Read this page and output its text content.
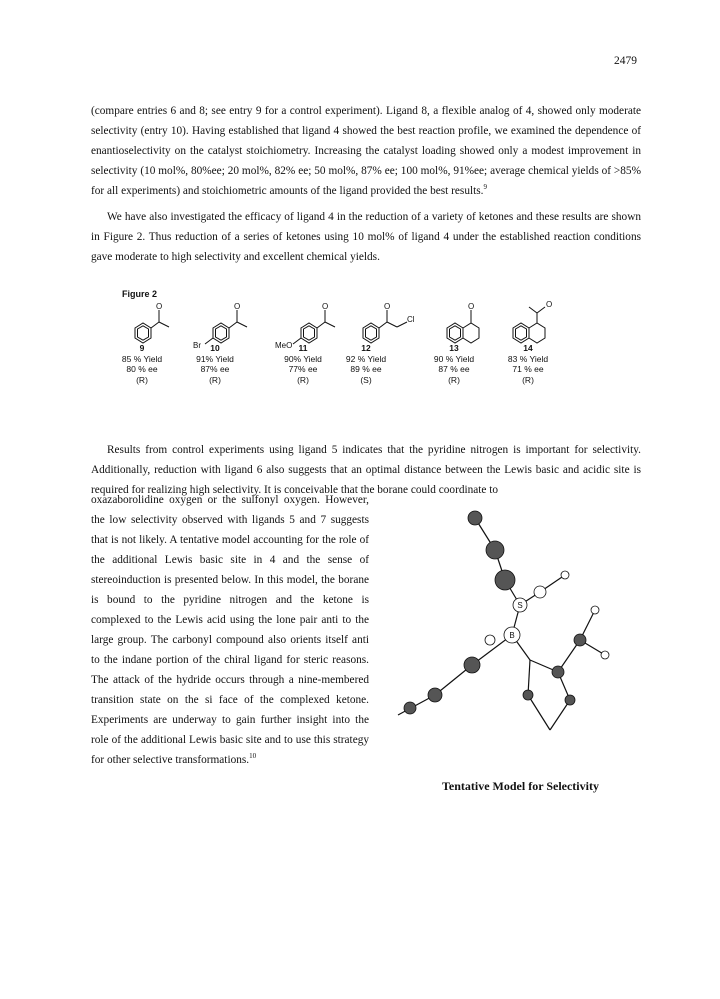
2479

(compare entries 6 and 8; see entry 9 for a control experiment). Ligand 8, a flexible analog of 4, showed only moderate selectivity (entry 10). Having established that ligand 4 showed the best reaction profile, we examined the dependence of enantioselectivity on the catalyst stoichiometry. Increasing the catalyst loading showed only a modest improvement in selectivity (10 mol%, 80%ee; 20 mol%, 82% ee; 50 mol%, 87% ee; 100 mol%, 91%ee; average chemical yields of >85% for all experiments) and stoichiometric amounts of the ligand provided the best results.$^9$

We have also investigated the efficacy of ligand 4 in the reduction of a variety of ketones and these results are shown in Figure 2. Thus reduction of a series of ketones using 10 mol% of ligand 4 under the established reaction conditions gave moderate to high selectivity and excellent chemical yields.

Figure 2
O	O
Br
O
MeO
O
Cl
O	O
9
85 % Yield
80 % ee
(R)
10
91% Yield
87% ee
(R)
11
90% Yield
77% ee
(R)
12
92 % Yield
89 % ee
(S)
13
90 % Yield
87 % ee
(R)
14
83 % Yield
71 % ee
(R)

Results from control experiments using ligand 5 indicates that the pyridine nitrogen is important for selectivity. Additionally, reduction with ligand 6 also suggests that an optimal distance between the Lewis basic and acidic site is required for realizing high selectivity. It is conceivable that the borane could coordinate to

oxazaborolidine oxygen or the sulfonyl oxygen. However, the low selectivity observed with ligands 5 and 7 suggests that is not likely. A tentative model accounting for the role of the additional Lewis basic site in 4 and the sense of stereoinduction is presented below. In this model, the borane is bound to the pyridine nitrogen and the ketone is complexed to the Lewis acid using the lone pair anti to the large group. The carbonyl compound also orients itself anti to the indane portion of the chiral ligand for steric reasons. The attack of the hydride occurs through a nine-membered transition state on the si face of the complexed ketone. Experiments are underway to gain further insight into the role of the additional Lewis basic site and to use this strategy for other selective transformations.$^{10}$

S
B
Tentative Model for Selectivity
